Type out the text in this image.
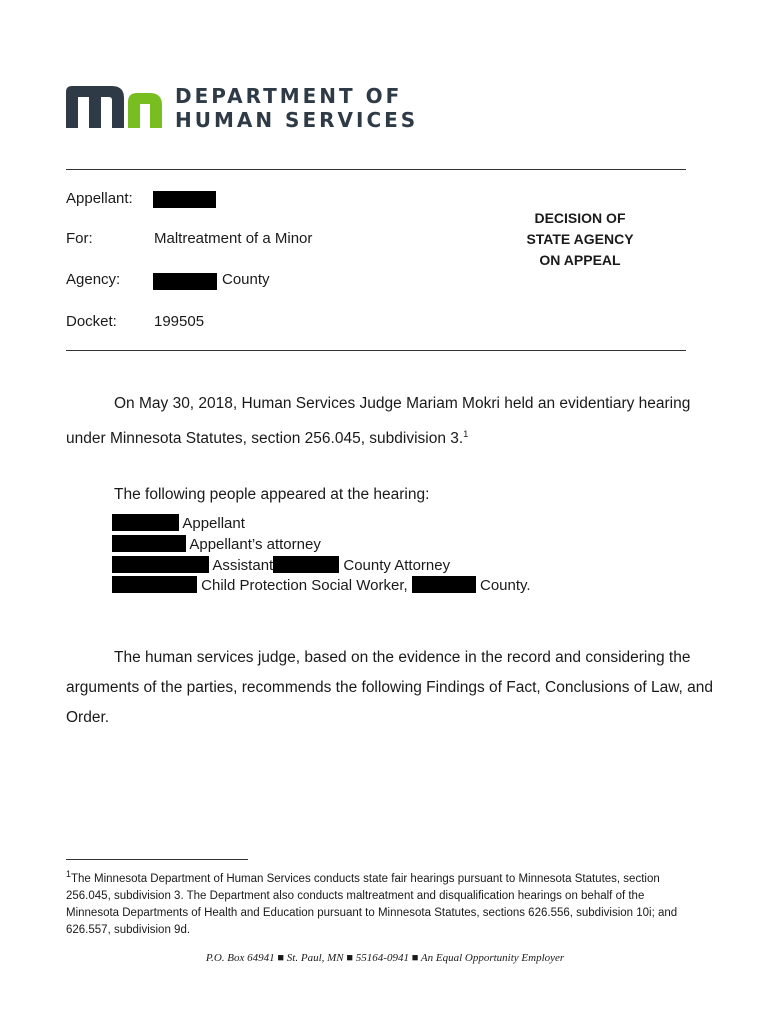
DEPARTMENT OF
HUMAN SERVICES
Appellant:
For:	Maltreatment of a Minor
Agency:	County
Docket: 199505
DECISION OF
STATE AGENCY
ON APPEAL
On May 30, 2018, Human Services Judge Mariam Mokri held an evidentiary hearing
under Minnesota Statutes, section 256.045, subdivision 3.$^1$
The following people appeared at the hearing:
Appellant
Appellant’s attorney
Assistant	County Attorney
Child Protection Social Worker,	County.
The human services judge, based on the evidence in the record and considering the
arguments of the parties, recommends the following Findings of Fact, Conclusions of Law, and
Order.
$^1$The Minnesota Department of Human Services conducts state fair hearings pursuant to Minnesota Statutes, section
256.045, subdivision 3. The Department also conducts maltreatment and disqualification hearings on behalf of the
Minnesota Departments of Health and Education pursuant to Minnesota Statutes, sections 626.556, subdivision 10i; and
626.557, subdivision 9d.
P.O. Box 64941 ■ St. Paul, MN ■ 55164-0941 ■ An Equal Opportunity Employer
